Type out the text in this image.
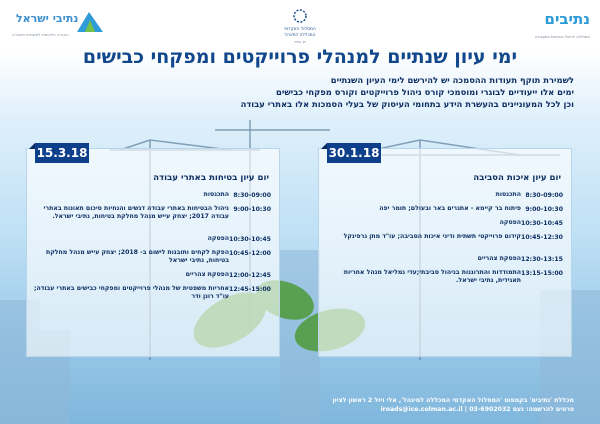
נתיבי ישראל
החברה הלאומית לתשתיות תחבורה
המסלול האקדמי
המכללה למינהל
יש עתיד
נתיבים
המכללה לניהול ובטיחות בתעבורה
ימי עיון שנתיים למנהלי פרוייקטים ומפקחי כבישים
לשמירת תוקף תעודות ההסמכה יש להירשם לימי העיון השנתיים
ימים אלו ייעודיים לבוגרי ומוסמכי קורס ניהול פרוייקטים וקורס מפקחי כבישים
וכן לכל המעוניינים בהעשרת הידע בתחומי העיסוק של בעלי הסמכות אלו באתרי עבודה
30.1.18
יום עיון איכות הסביבה
8:30-09:00
התכנסות
9:00-10:30
פיתוח בר קיימא - אתגרים באר ובעולם; תומר יפה
10:30-10:45
הפסקה
10:45-12:30
קידום פרוייקטי תשתית ודיני איכות הסביבה; עו"ד מתן גרפינקל
12:30-13:15
הפסקת צהריים
13:15-15:00
התמודדות והתרוננות בניהול סביבתי;עדי גמליאל מנהל אחריות תאגידית, נתיבי ישראל.
15.3.18
יום עיון בטיחות באתרי עבודה
8:30-09:00
התכנסות
9:00-10:30
ניהול הבטיחות באתרי עבודה דגשים והנחיות סיכום תאונות באתרי עבודה 2017; יצחק עייש מנהל מחלקת בטיחות, נתיבי ישראל.
10:30-10:45
הפסקה
10:45-12:00
הפקת לקחים ותובנות לישום ב- 2018; יצחק עייש מנהל מחלקת בטיחות, נתיבי ישראל
12:00-12:45
הפסקת צהריים
12:45-15:00
אחריות משפטית של מנהלי פרוייקטים ומפקחי כבישים באתרי עבודה; עו"ד רונן ודר
מכללת 'נתיבים' בקמפוס 'המסלול האקדמי המכללה למינהל', אלי ויזל 2 ראשון לציון
פרטים להרשמה: נעם 03-6902032 | iroads@ice.colman.ac.il
